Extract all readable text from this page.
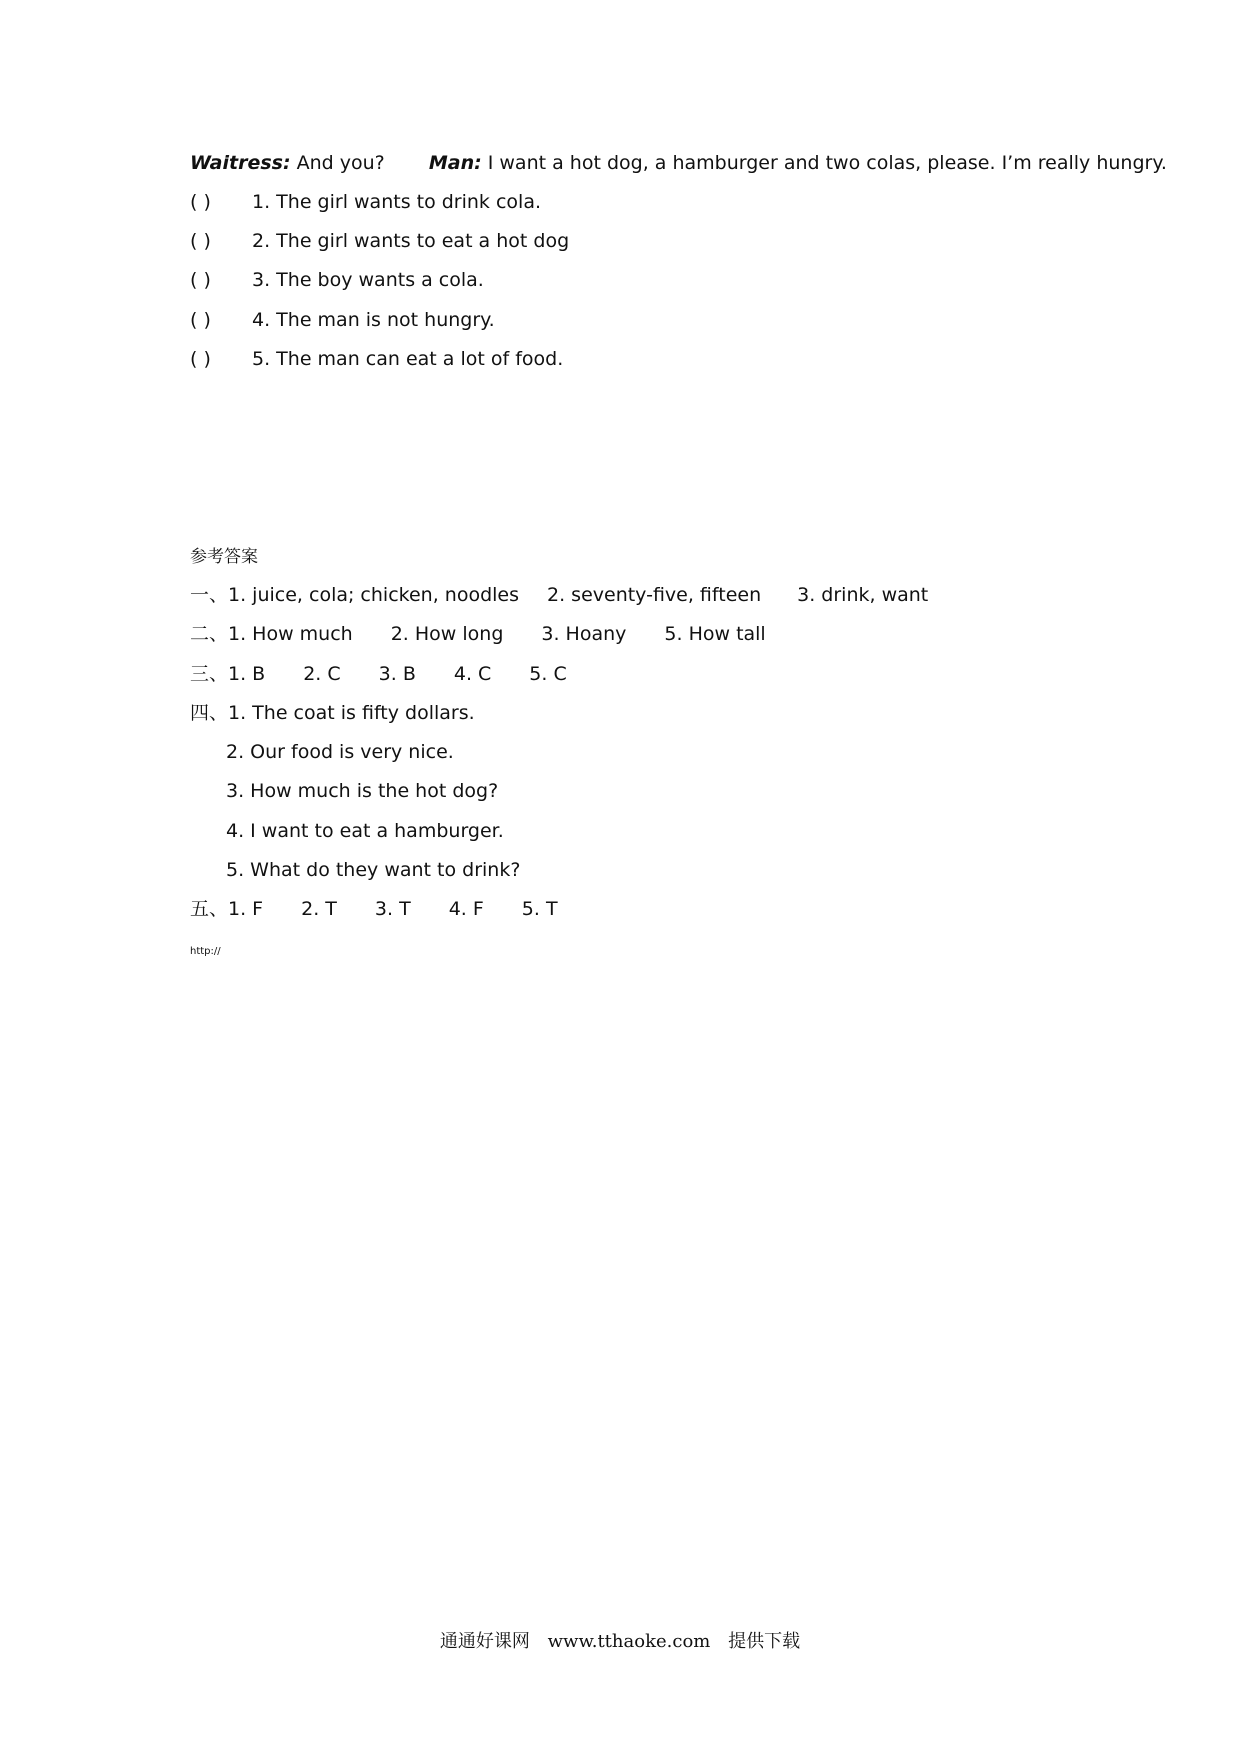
Waitress: And you? Man: I want a hot dog, a hamburger and two colas, please. I’m really hungry.
( ) 1. The girl wants to drink cola.
( ) 2. The girl wants to eat a hot dog
( ) 3. The boy wants a cola.
( ) 4. The man is not hungry.
( ) 5. The man can eat a lot of food.
参考答案
一、1. juice, cola; chicken, noodles 2. seventy-five, fifteen 3. drink, want
二、1. How much 2. How long 3. Hoany 5. How tall
三、1. B 2. C 3. B 4. C 5. C
四、1. The coat is fifty dollars.
2. Our food is very nice.
3. How much is the hot dog?
4. I want to eat a hamburger.
5. What do they want to drink?
五、1. F 2. T 3. T 4. F 5. T
http://
通通好课网 www.tthaoke.com 提供下载
